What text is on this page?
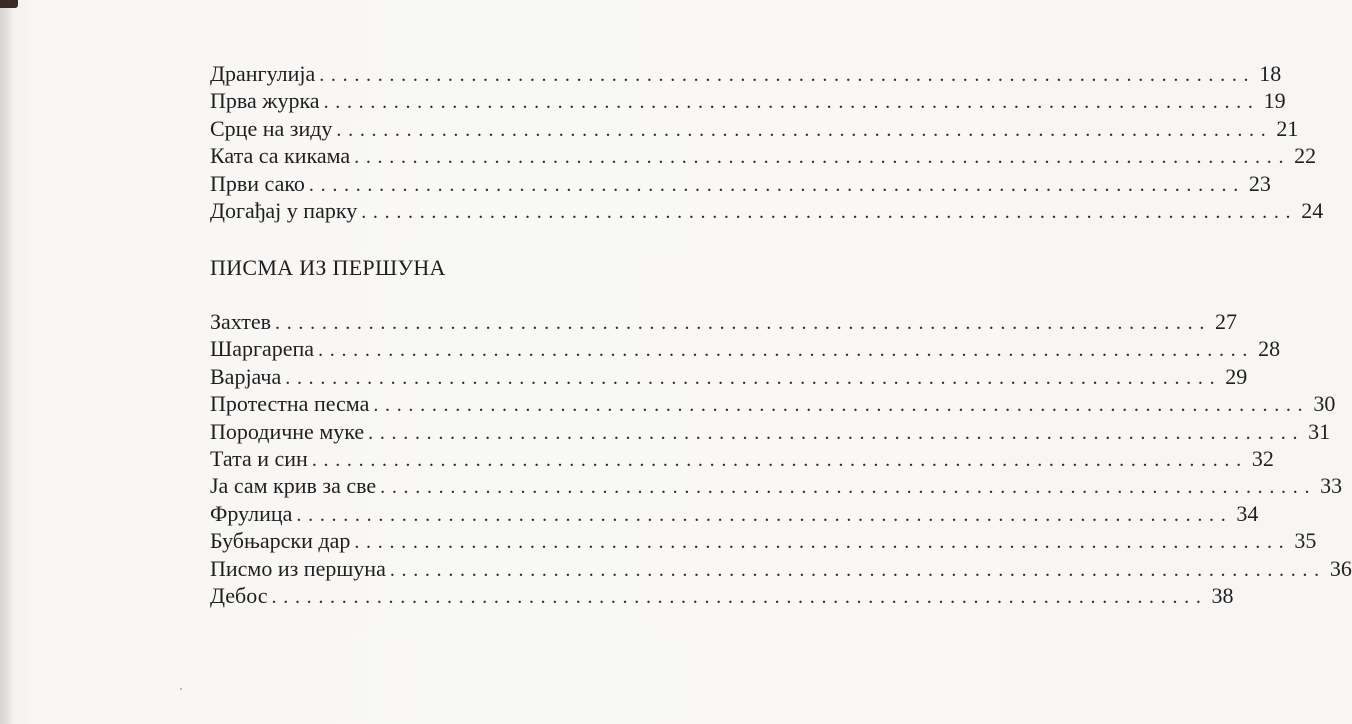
Дрангулија ................................................................................ 18
Прва журка ................................................................................ 19
Срце на зиду ................................................................................ 21
Ката са кикама ................................................................................ 22
Први сако ................................................................................ 23
Догађај у парку ................................................................................ 24
ПИСМА ИЗ ПЕРШУНА
Захтев ................................................................................ 27
Шаргарепа ................................................................................ 28
Варјача ................................................................................ 29
Протестна песма ................................................................................ 30
Породичне муке ................................................................................ 31
Тата и син ................................................................................ 32
Ја сам крив за све ................................................................................ 33
Фрулица ................................................................................ 34
Бубњарски дар ................................................................................ 35
Писмо из першуна ................................................................................ 36
Дебос ................................................................................ 38
